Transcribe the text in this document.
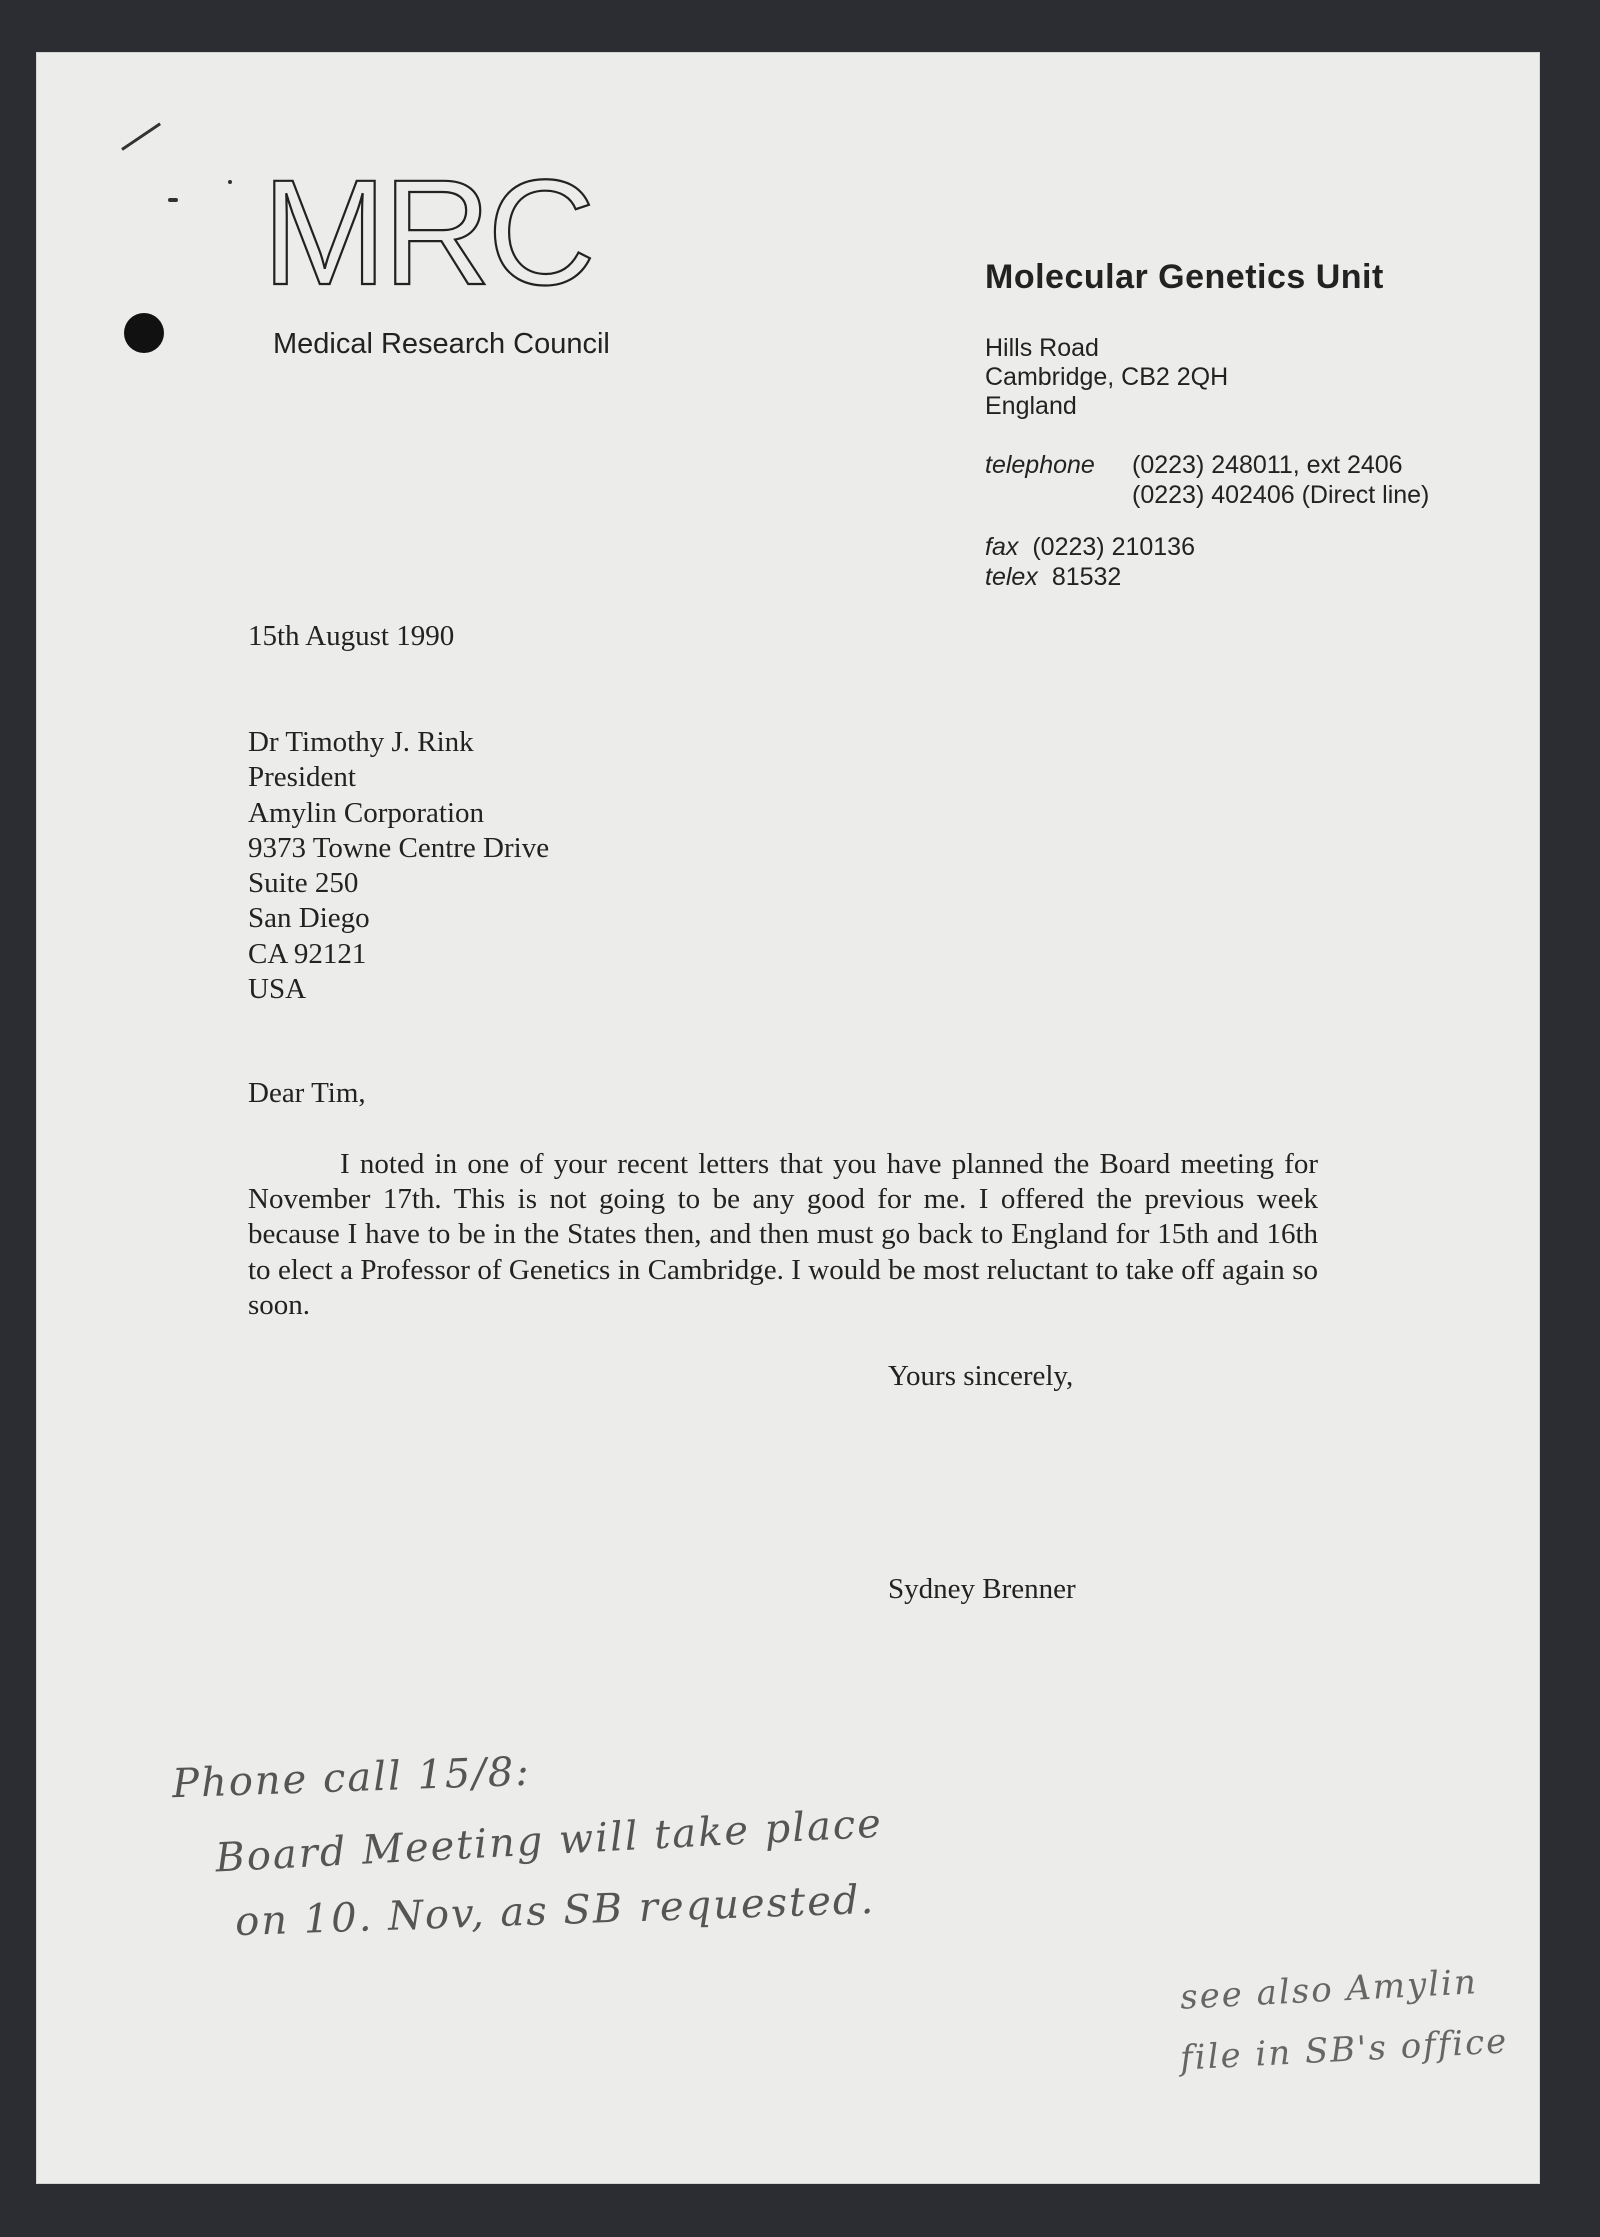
MRC
Medical Research Council
Molecular Genetics Unit
Hills Road
Cambridge, CB2 2QH
England
telephone	(0223) 248011, ext 2406
(0223) 402406 (Direct line)
fax (0223) 210136
telex 81532
15th August 1990
Dr Timothy J. Rink
President
Amylin Corporation
9373 Towne Centre Drive
Suite 250
San Diego
CA 92121
USA
Dear Tim,
I noted in one of your recent letters that you have planned the Board meeting for November 17th. This is not going to be any good for me. I offered the previous week because I have to be in the States then, and then must go back to England for 15th and 16th to elect a Professor of Genetics in Cambridge. I would be most reluctant to take off again so soon.
Yours sincerely,
Sydney Brenner
Phone call 15/8:
Board Meeting will take place
on 10. Nov, as SB requested.
see also Amylin
file in SB's office
